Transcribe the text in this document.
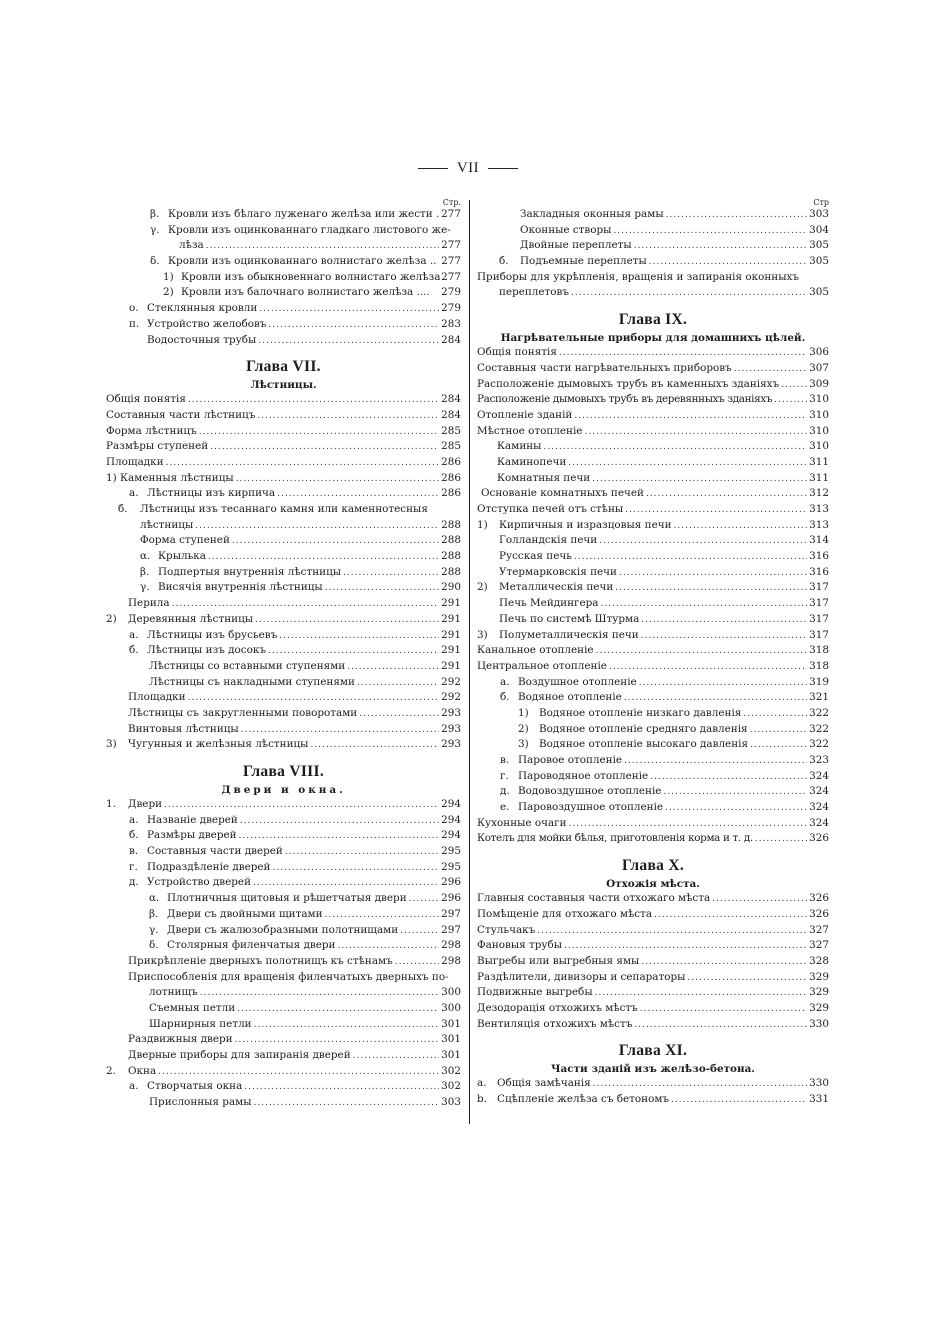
VII
Стр.
β. Кровли изъ бѣлаго луженаго желѣза или жести . 277
γ. Кровли изъ оцинкованнаго гладкаго листового же-
лѣза .....	277
δ. Кровли изъ оцинкованнаго волнистаго желѣза .. 277
1) Кровли изъ обыкновеннаго волнистаго желѣза 277
2) Кровли изъ балочнаго волнистаго желѣза .... 279
о. Стеклянныя кровли .....	279
п. Устройство желобовъ .....	283
Водосточныя трубы .....	284
Глава VII.
Лѣстницы.
Общія понятія .....	284
Составныя части лѣстницъ .....	284
Форма лѣстницъ .....	285
Размѣры ступеней .....	285
Площадки .....	286
1) Каменныя лѣстницы .....	286
а. Лѣстницы изъ кирпича .....	286
б.	Лѣстницы изъ тесаннаго камня или каменнотесныя
лѣстницы .....	288
Форма ступеней .....	288
α. Крылька .....	288
β. Подпертыя внутреннія лѣстницы .....	288
γ. Висячія внутреннія лѣстницы .....	290
Перила .....	291
2)	Деревянныя лѣстницы .....	291
а. Лѣстницы изъ брусьевъ .....	291
б. Лѣстницы изъ досокъ .....	291
Лѣстницы со вставными ступенями .....	291
Лѣстницы съ накладными ступенями .....	292
Площадки .....	292
Лѣстницы съ закругленными поворотами .....	293
Винтовыя лѣстницы .....	293
3)	Чугунныя и желѣзныя лѣстницы .....	293
Глава VIII.
Двери и окна.
1.	Двери .....	294
а. Названіе дверей .....	294
б. Размѣры дверей .....	294
в. Составныя части дверей .....	295
г. Подраздѣленіе дверей .....	295
д. Устройство дверей .....	296
α. Плотничныя щитовыя и рѣшетчатыя двери .....	296
β. Двери съ двойными щитами .....	297
γ. Двери съ жалюзобразными полотнищами .....	297
δ. Столярныя филенчатыя двери .....	298
Прикрѣпленіе дверныхъ полотнищъ къ стѣнамъ .....	298
Приспособленія для вращенія филенчатыхъ дверныхъ по-
лотнищъ .....	300
Съемныя петли .....	300
Шарнирныя петли .....	301
Раздвижныя двери .....	301
Дверные приборы для запиранія дверей .....	301
2.	Окна .....	302
а. Створчатыя окна .....	302
Прислонныя рамы .....	303
Стр
Закладныя оконныя рамы .....	303
Оконные створы .....	304
Двойные переплеты .....	305
б.	Подъемные переплеты .....	305
Приборы для укрѣпленія, вращенія и запиранія оконныхъ
переплетовъ .....	305
Глава IX.
Нагрѣвательные приборы для домашнихъ цѣлей.
Общія понятія .....	306
Составныя части нагрѣвательныхъ приборовъ .....	307
Расположеніе дымовыхъ трубъ въ каменныхъ зданіяхъ .....	309
Расположеніе дымовыхъ трубъ въ деревянныхъ зданіяхъ .....	310
Отопленіе зданій .....	310
Мѣстное отопленіе .....	310
Камины .....	310
Каминопечи .....	311
Комнатныя печи .....	311
Основаніе комнатныхъ печей .....	312
Отступка печей отъ стѣны .....	313
1)	Кирпичныя и изразцовыя печи .....	313
Голландскія печи .....	314
Русская печь .....	316
Утермарковскія печи .....	316
2)	Металлическія печи .....	317
Печь Мейдингера .....	317
Печь по системѣ Штурма .....	317
3)	Полуметаллическія печи .....	317
Канальное отопленіе .....	318
Центральное отопленіе .....	318
а. Воздушное отопленіе .....	319
б. Водяное отопленіе .....	321
1) Водяное отопленіе низкаго давленія .....	322
2) Водяное отопленіе средняго давленія .....	322
3) Водяное отопленіе высокаго давленія .....	322
в. Паровое отопленіе .....	323
г. Пароводяное отопленіе .....	324
д. Водовоздушное отопленіе .....	324
е. Паровоздушное отопленіе .....	324
Кухонные очаги .....	324
Котелъ для мойки бѣлья, приготовленія корма и т. д. .....	326
Глава X.
Отхожія мѣста.
Главныя составныя части отхожаго мѣста .....	326
Помѣщеніе для отхожаго мѣста .....	326
Стульчакъ .....	327
Фановыя трубы .....	327
Выгребы или выгребныя ямы .....	328
Раздѣлители, дивизоры и сепараторы .....	329
Подвижные выгребы .....	329
Дезодорація отхожихъ мѣстъ .....	329
Вентиляція отхожихъ мѣстъ .....	330
Глава XI.
Части зданій изъ желѣзо-бетона.
a.	Общія замѣчанія .....	330
b. Сцѣпленіе желѣза съ бетономъ .....	331
